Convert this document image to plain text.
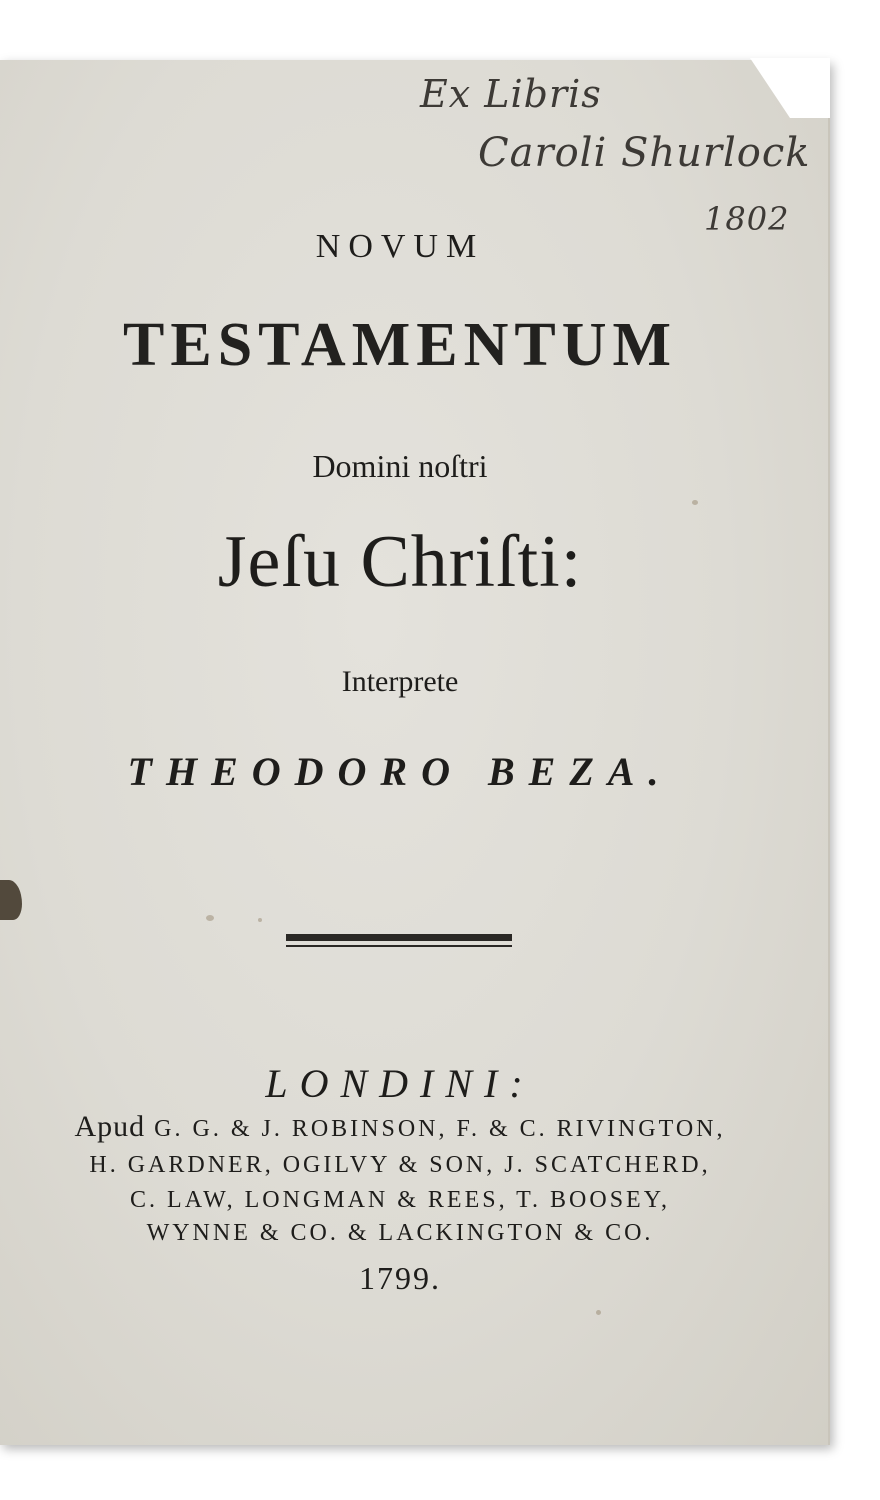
Ex Libris
Caroli Shurlock
1802
NOVUM
TESTAMENTUM
Domini noſtri
Jeſu Chriſti:
Interprete
THEODORO BEZA.
LONDINI:
Apud G. G. & J. ROBINSON, F. & C. RIVINGTON,
H. GARDNER, OGILVY & SON, J. SCATCHERD,
C. LAW, LONGMAN & REES, T. BOOSEY,
WYNNE & CO. & LACKINGTON & CO.
1799.
